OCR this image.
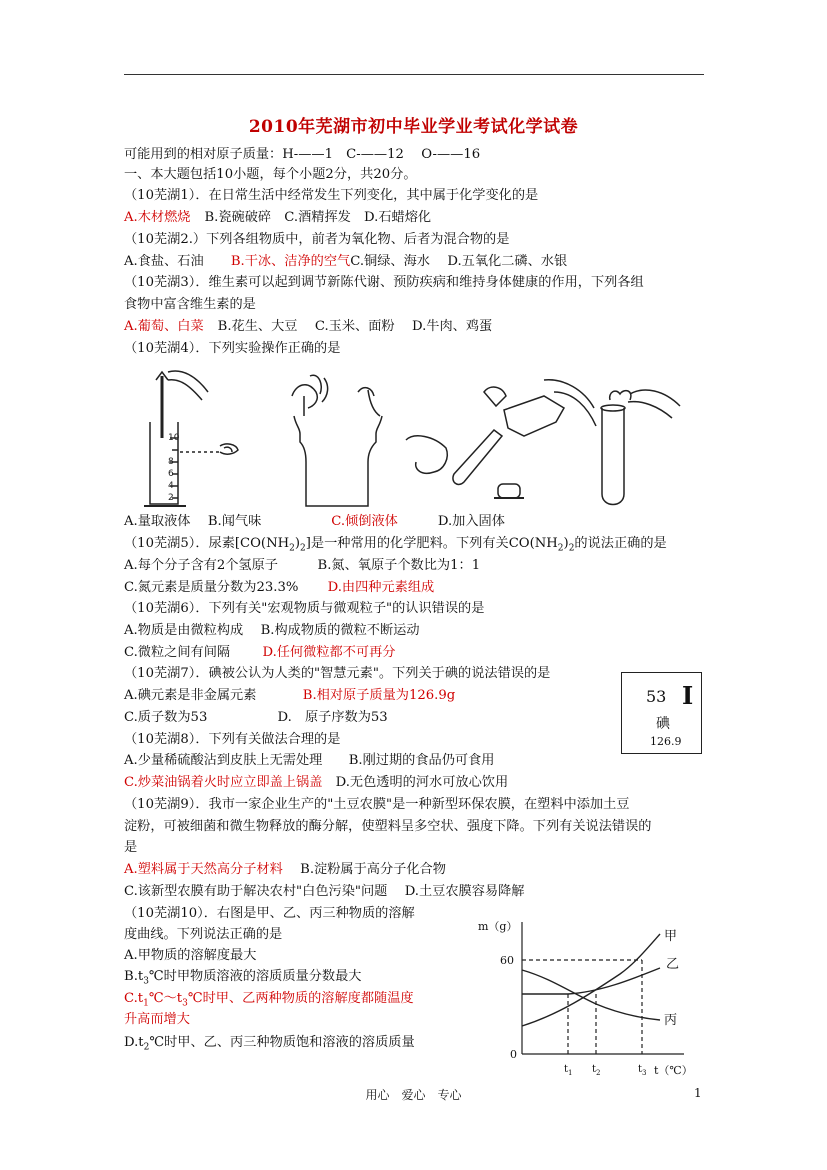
2010年芜湖市初中毕业学业考试化学试卷
可能用到的相对原子质量：H-——1　C-——12　 O-——16
一、本大题包括10小题，每个小题2分，共20分。
（10芜湖1）．在日常生活中经常发生下列变化，其中属于化学变化的是
A.木材燃烧 B.瓷碗破碎　C.酒精挥发　D.石蜡熔化
（10芜湖2.）下列各组物质中，前者为氧化物、后者为混合物的是
A.食盐、石油　B.干冰、洁净的空气C.铜绿、海水　 D.五氧化二磷、水银
（10芜湖3）．维生素可以起到调节新陈代谢、预防疾病和维持身体健康的作用，下列各组
食物中富含维生素的是
A.葡萄、白菜 B.花生、大豆　 C.玉米、面粉　 D.牛肉、鸡蛋
（10芜湖4）．下列实验操作正确的是
10
8
6
4
2
A.量取液体　 B.闻气味	C.倾倒液体	D.加入固体
（10芜湖5）．尿素$[CO(NH_2)_2]$是一种常用的化学肥料。下列有关$CO(NH_2)_2$的说法正确的是
A.每个分子含有2个氢原子　　　B.氮、氧原子个数比为1：1
C.氮元素是质量分数为23.3%　D.由四种元素组成
（10芜湖6）．下列有关"宏观物质与微观粒子"的认识错误的是
A.物质是由微粒构成　 B.构成物质的微粒不断运动
C.微粒之间有间隔　　D.任何微粒都不可再分
（10芜湖7）．碘被公认为人类的"智慧元素"。下列关于碘的说法错误的是
A.碘元素是非金属元素　　B.相对原子质量为126.9g
C.质子数为53　　　　　 D.　原子序数为53
53 I
碘
126.9
（10芜湖8）．下列有关做法合理的是
A.少量稀硫酸沾到皮肤上无需处理　　B.刚过期的食品仍可食用
C.炒菜油锅着火时应立即盖上锅盖　D.无色透明的河水可放心饮用
（10芜湖9）．我市一家企业生产的"土豆农膜"是一种新型环保农膜，在塑料中添加土豆
淀粉，可被细菌和微生物释放的酶分解，使塑料呈多空状、强度下降。下列有关说法错误的
是
A.塑料属于天然高分子材料　 B.淀粉属于高分子化合物
C.该新型农膜有助于解决农村"白色污染"问题　 D.土豆农膜容易降解
（10芜湖10）．右图是甲、乙、丙三种物质的溶解
度曲线。下列说法正确的是
A.甲物质的溶解度最大
$B.t_3℃$时甲物质溶液的溶质质量分数最大
$C.t_1℃\sim t_3℃$时甲、乙两种物质的溶解度都随温度
升高而增大
$D.t_2℃$时甲、乙、丙三种物质饱和溶液的溶质质量
m（g）
60
0
$t_1$ $t_2$	$t_3$ t（℃）
甲
乙
丙
用心　爱心　专心	1
